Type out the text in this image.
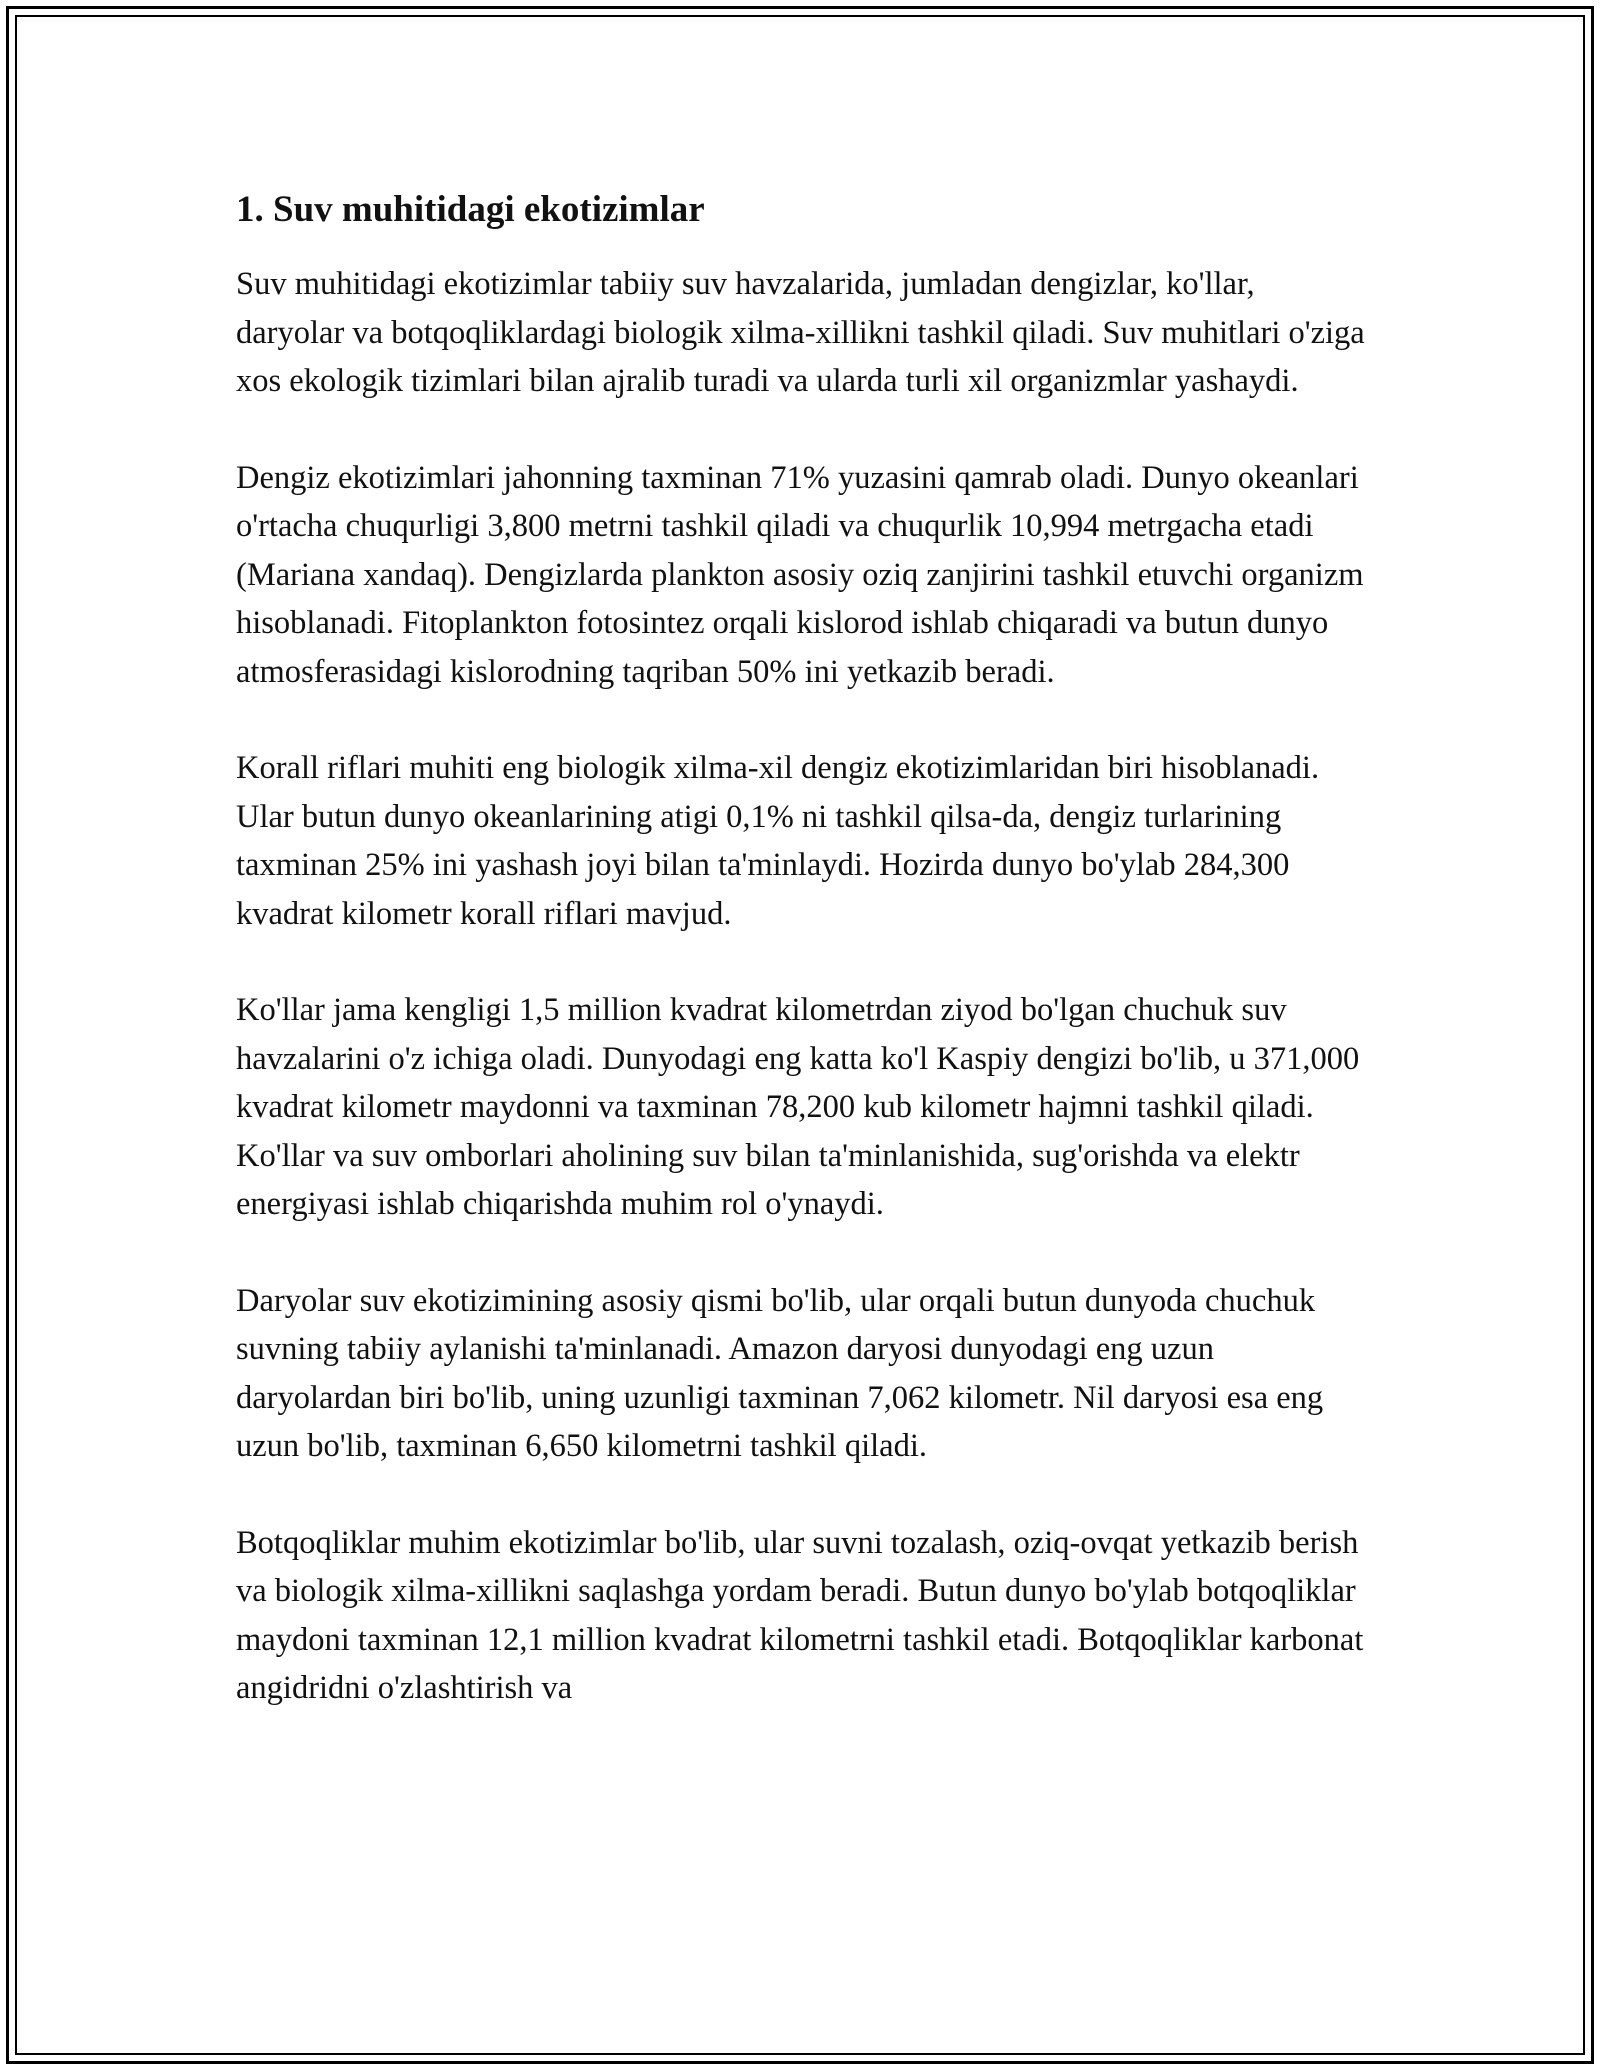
1. Suv muhitidagi ekotizimlar

Suv muhitidagi ekotizimlar tabiiy suv havzalarida, jumladan dengizlar, ko'llar, daryolar va botqoqliklardagi biologik xilma-xillikni tashkil qiladi. Suv muhitlari o'ziga xos ekologik tizimlari bilan ajralib turadi va ularda turli xil organizmlar yashaydi.

Dengiz ekotizimlari jahonning taxminan 71% yuzasini qamrab oladi. Dunyo okeanlari o'rtacha chuqurligi 3,800 metrni tashkil qiladi va chuqurlik 10,994 metrgacha etadi (Mariana xandaq). Dengizlarda plankton asosiy oziq zanjirini tashkil etuvchi organizm hisoblanadi. Fitoplankton fotosintez orqali kislorod ishlab chiqaradi va butun dunyo atmosferasidagi kislorodning taqriban 50% ini yetkazib beradi.

Korall riflari muhiti eng biologik xilma-xil dengiz ekotizimlaridan biri hisoblanadi. Ular butun dunyo okeanlarining atigi 0,1% ni tashkil qilsa-da, dengiz turlarining taxminan 25% ini yashash joyi bilan ta'minlaydi. Hozirda dunyo bo'ylab 284,300 kvadrat kilometr korall riflari mavjud.

Ko'llar jama kengligi 1,5 million kvadrat kilometrdan ziyod bo'lgan chuchuk suv havzalarini o'z ichiga oladi. Dunyodagi eng katta ko'l Kaspiy dengizi bo'lib, u 371,000 kvadrat kilometr maydonni va taxminan 78,200 kub kilometr hajmni tashkil qiladi. Ko'llar va suv omborlari aholining suv bilan ta'minlanishida, sug'orishda va elektr energiyasi ishlab chiqarishda muhim rol o'ynaydi.

Daryolar suv ekotizimining asosiy qismi bo'lib, ular orqali butun dunyoda chuchuk suvning tabiiy aylanishi ta'minlanadi. Amazon daryosi dunyodagi eng uzun daryolardan biri bo'lib, uning uzunligi taxminan 7,062 kilometr. Nil daryosi esa eng uzun bo'lib, taxminan 6,650 kilometrni tashkil qiladi.

Botqoqliklar muhim ekotizimlar bo'lib, ular suvni tozalash, oziq-ovqat yetkazib berish va biologik xilma-xillikni saqlashga yordam beradi. Butun dunyo bo'ylab botqoqliklar maydoni taxminan 12,1 million kvadrat kilometrni tashkil etadi. Botqoqliklar karbonat angidridni o'zlashtirish va
